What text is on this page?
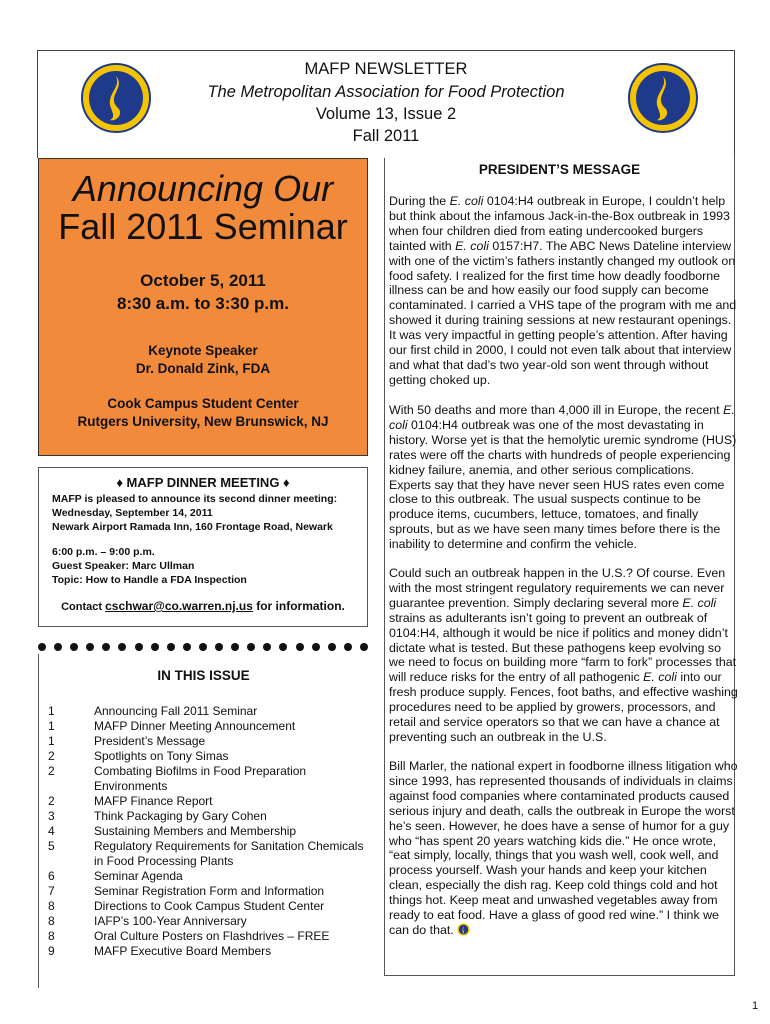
MAFP NEWSLETTER
The Metropolitan Association for Food Protection
Volume 13, Issue 2
Fall 2011
Announcing Our
Fall 2011 Seminar
October 5, 2011
8:30 a.m. to 3:30 p.m.
Keynote Speaker
Dr. Donald Zink, FDA
Cook Campus Student Center
Rutgers University, New Brunswick, NJ
♦ MAFP DINNER MEETING ♦
MAFP is pleased to announce its second dinner meeting:
Wednesday, September 14, 2011
Newark Airport Ramada Inn, 160 Frontage Road, Newark
6:00 p.m. – 9:00 p.m.
Guest Speaker: Marc Ullman
Topic: How to Handle a FDA Inspection
Contact cschwar@co.warren.nj.us for information.
IN THIS ISSUE
1	Announcing Fall 2011 Seminar
1	MAFP Dinner Meeting Announcement
1	President’s Message
2	Spotlights on Tony Simas
2	Combating Biofilms in Food Preparation Environments
2	MAFP Finance Report
3	Think Packaging by Gary Cohen
4	Sustaining Members and Membership
5	Regulatory Requirements for Sanitation Chemicals in Food Processing Plants
6	Seminar Agenda
7	Seminar Registration Form and Information
8	Directions to Cook Campus Student Center
8	IAFP’s 100-Year Anniversary
8	Oral Culture Posters on Flashdrives – FREE
9	MAFP Executive Board Members
PRESIDENT’S MESSAGE

During the E. coli 0104:H4 outbreak in Europe, I couldn’t help but think about the infamous Jack-in-the-Box outbreak in 1993 when four children died from eating undercooked burgers tainted with E. coli 0157:H7. The ABC News Dateline interview with one of the victim’s fathers instantly changed my outlook on food safety. I realized for the first time how deadly foodborne illness can be and how easily our food supply can become contaminated. I carried a VHS tape of the program with me and showed it during training sessions at new restaurant openings. It was very impactful in getting people’s attention. After having our first child in 2000, I could not even talk about that interview and what that dad’s two year-old son went through without getting choked up.

With 50 deaths and more than 4,000 ill in Europe, the recent E. coli 0104:H4 outbreak was one of the most devastating in history. Worse yet is that the hemolytic uremic syndrome (HUS) rates were off the charts with hundreds of people experiencing kidney failure, anemia, and other serious complications. Experts say that they have never seen HUS rates even come close to this outbreak. The usual suspects continue to be produce items, cucumbers, lettuce, tomatoes, and finally sprouts, but as we have seen many times before there is the inability to determine and confirm the vehicle.

Could such an outbreak happen in the U.S.? Of course. Even with the most stringent regulatory requirements we can never guarantee prevention. Simply declaring several more E. coli strains as adulterants isn’t going to prevent an outbreak of 0104:H4, although it would be nice if politics and money didn’t dictate what is tested. But these pathogens keep evolving so we need to focus on building more “farm to fork” processes that will reduce risks for the entry of all pathogenic E. coli into our fresh produce supply. Fences, foot baths, and effective washing procedures need to be applied by growers, processors, and retail and service operators so that we can have a chance at preventing such an outbreak in the U.S.

Bill Marler, the national expert in foodborne illness litigation who since 1993, has represented thousands of individuals in claims against food companies where contaminated products caused serious injury and death, calls the outbreak in Europe the worst he’s seen. However, he does have a sense of humor for a guy who “has spent 20 years watching kids die.” He once wrote, “eat simply, locally, things that you wash well, cook well, and process yourself. Wash your hands and keep your kitchen clean, especially the dish rag. Keep cold things cold and hot things hot. Keep meat and unwashed vegetables away from ready to eat food. Have a glass of good red wine.” I think we can do that.

1
